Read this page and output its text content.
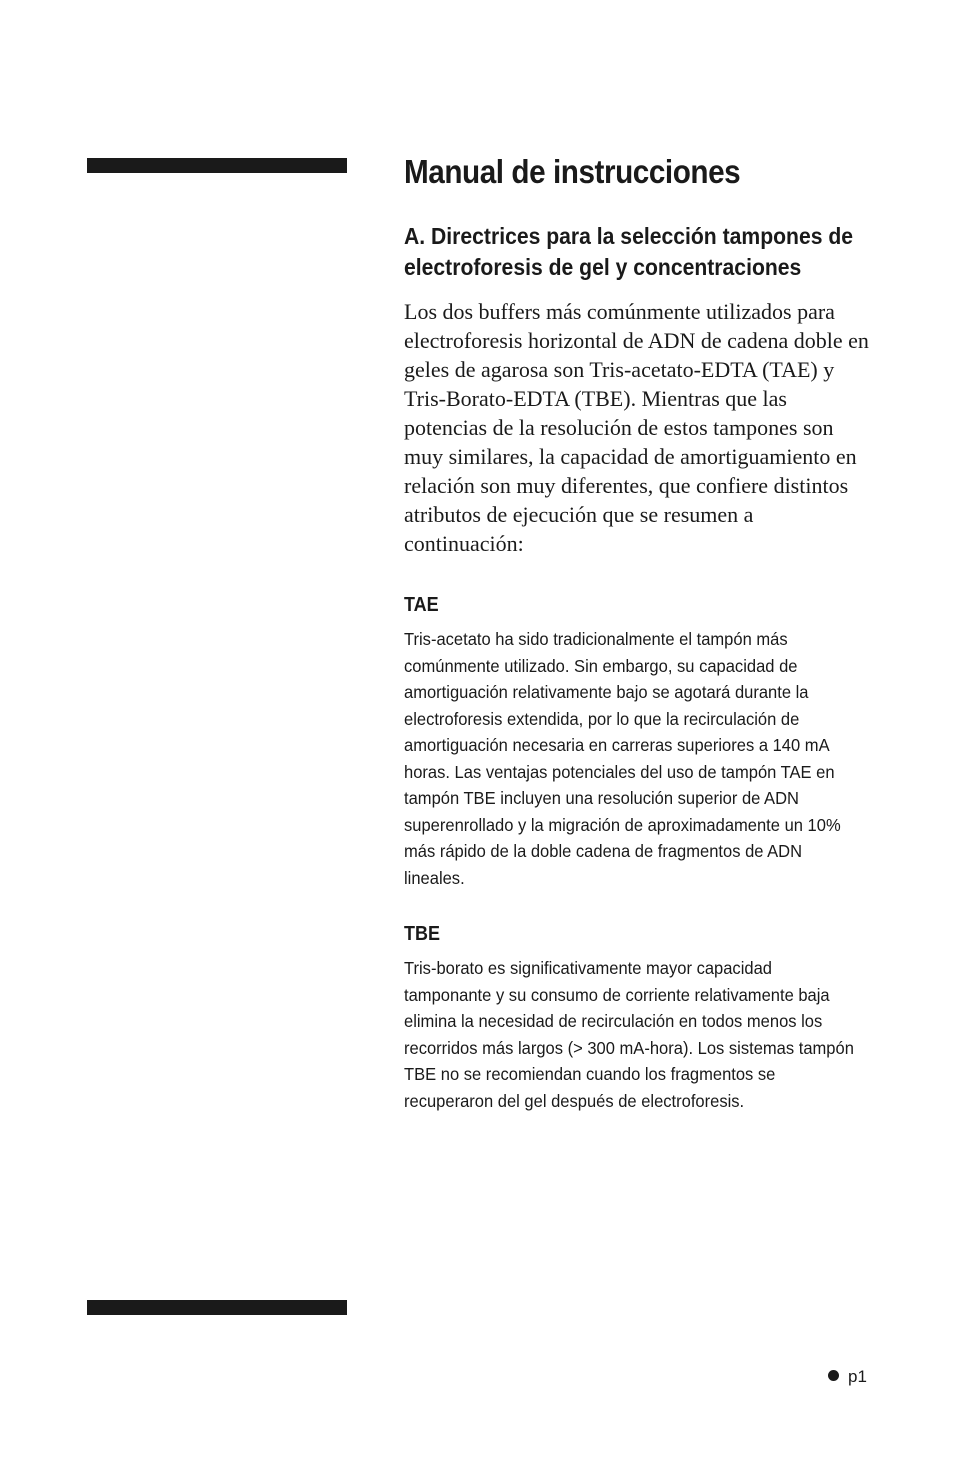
Manual de instrucciones
A. Directrices para la selección tampones de electroforesis de gel y concentraciones

Los dos buffers más comúnmente utilizados para electroforesis horizontal de ADN de cadena doble en geles de agarosa son Tris-acetato-EDTA (TAE) y Tris-Borato-EDTA (TBE). Mientras que las potencias de la resolución de estos tampones son muy similares, la capacidad de amortiguamiento en relación son muy diferentes, que confiere distintos atributos de ejecución que se resumen a continuación:

TAE

Tris-acetato ha sido tradicionalmente el tampón más comúnmente utilizado. Sin embargo, su capacidad de amortiguación relativamente bajo se agotará durante la electroforesis extendida, por lo que la recirculación de amortiguación necesaria en carreras superiores a 140 mA horas. Las ventajas potenciales del uso de tampón TAE en tampón TBE incluyen una resolución superior de ADN superenrollado y la migración de aproximadamente un 10% más rápido de la doble cadena de fragmentos de ADN lineales.

TBE

Tris-borato es significativamente mayor capacidad tamponante y su consumo de corriente relativamente baja elimina la necesidad de recirculación en todos menos los recorridos más largos (> 300 mA-hora). Los sistemas tampón TBE no se recomiendan cuando los fragmentos se recuperaron del gel después de electroforesis.

p1
